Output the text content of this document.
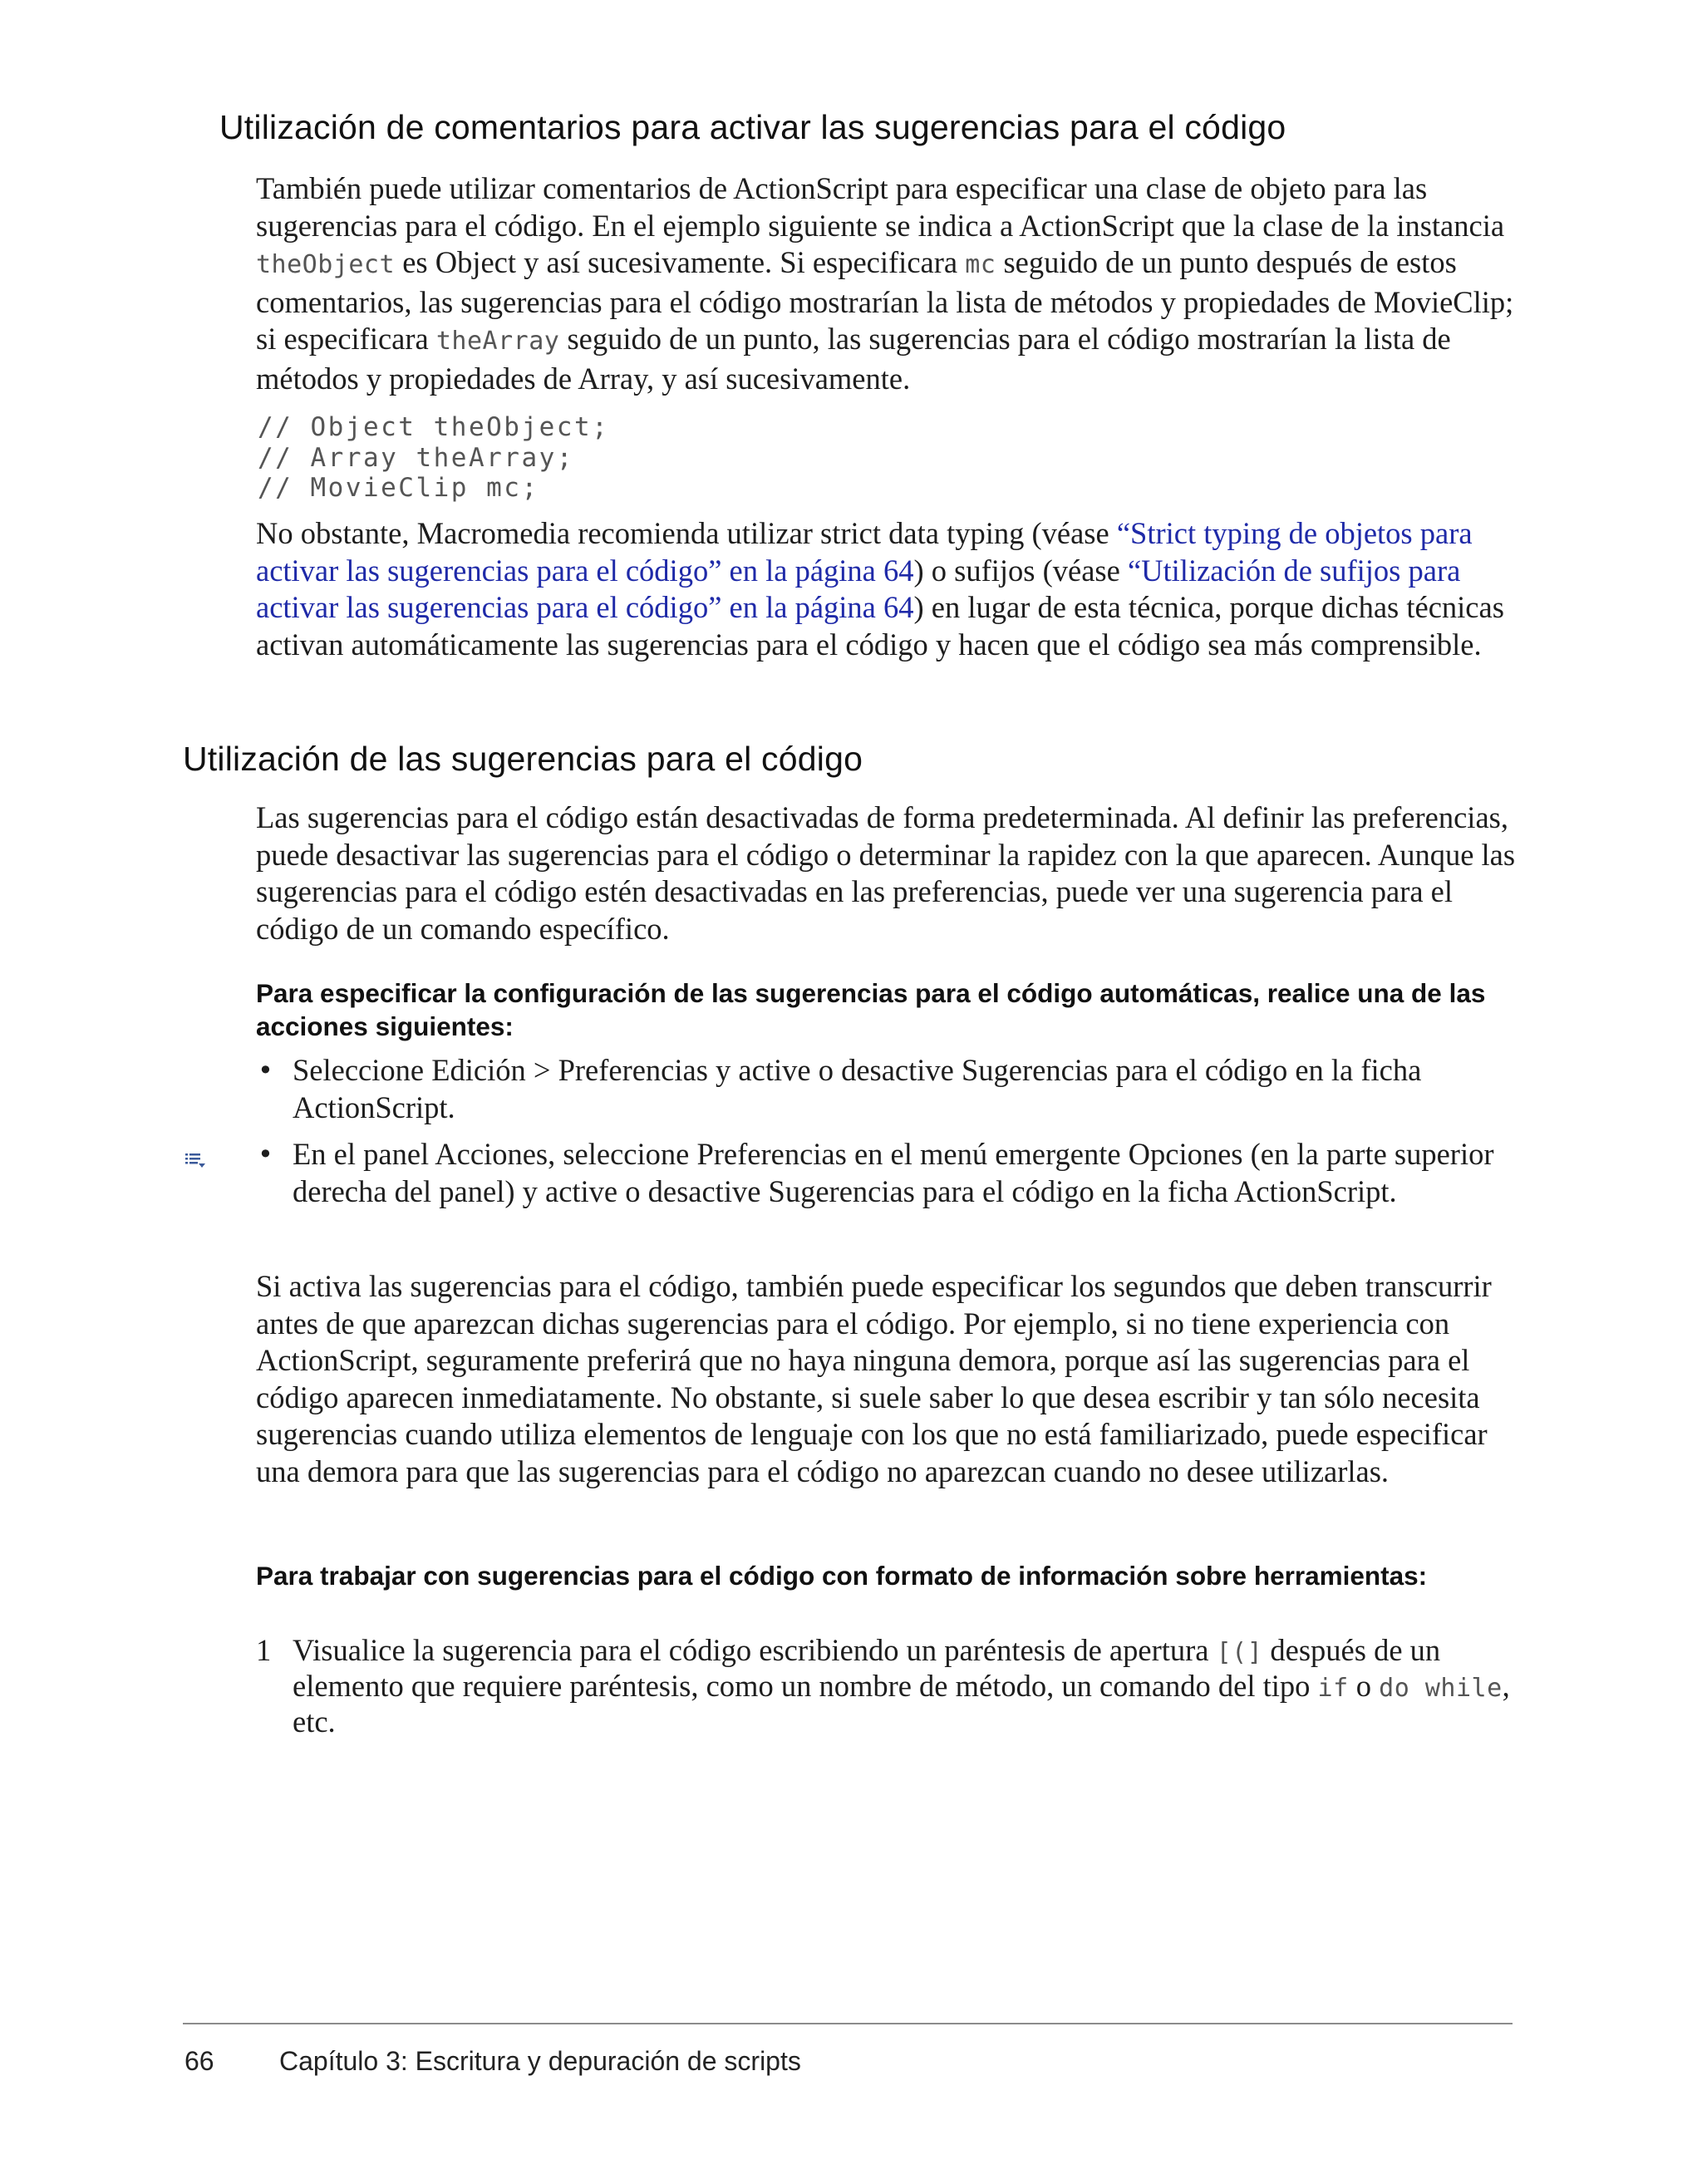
Utilización de comentarios para activar las sugerencias para el código

También puede utilizar comentarios de ActionScript para especificar una clase de objeto para las sugerencias para el código. En el ejemplo siguiente se indica a ActionScript que la clase de la instancia theObject es Object y así sucesivamente. Si especificara mc seguido de un punto después de estos comentarios, las sugerencias para el código mostrarían la lista de métodos y propiedades de MovieClip; si especificara theArray seguido de un punto, las sugerencias para el código mostrarían la lista de métodos y propiedades de Array, y así sucesivamente.

// Object theObject;
// Array theArray;
// MovieClip mc;

No obstante, Macromedia recomienda utilizar strict data typing (véase “Strict typing de objetos para activar las sugerencias para el código” en la página 64) o sufijos (véase “Utilización de sufijos para activar las sugerencias para el código” en la página 64) en lugar de esta técnica, porque dichas técnicas activan automáticamente las sugerencias para el código y hacen que el código sea más comprensible.

Utilización de las sugerencias para el código

Las sugerencias para el código están desactivadas de forma predeterminada. Al definir las preferencias, puede desactivar las sugerencias para el código o determinar la rapidez con la que aparecen. Aunque las sugerencias para el código estén desactivadas en las preferencias, puede ver una sugerencia para el código de un comando específico.

Para especificar la configuración de las sugerencias para el código automáticas, realice una de las acciones siguientes:

• Seleccione Edición > Preferencias y active o desactive Sugerencias para el código en la ficha ActionScript.
• En el panel Acciones, seleccione Preferencias en el menú emergente Opciones (en la parte superior derecha del panel) y active o desactive Sugerencias para el código en la ficha ActionScript.

Si activa las sugerencias para el código, también puede especificar los segundos que deben transcurrir antes de que aparezcan dichas sugerencias para el código. Por ejemplo, si no tiene experiencia con ActionScript, seguramente preferirá que no haya ninguna demora, porque así las sugerencias para el código aparecen inmediatamente. No obstante, si suele saber lo que desea escribir y tan sólo necesita sugerencias cuando utiliza elementos de lenguaje con los que no está familiarizado, puede especificar una demora para que las sugerencias para el código no aparezcan cuando no desee utilizarlas.

Para trabajar con sugerencias para el código con formato de información sobre herramientas:

1 Visualice la sugerencia para el código escribiendo un paréntesis de apertura [(] después de un elemento que requiere paréntesis, como un nombre de método, un comando del tipo if o do while, etc.
66 Capítulo 3: Escritura y depuración de scripts
